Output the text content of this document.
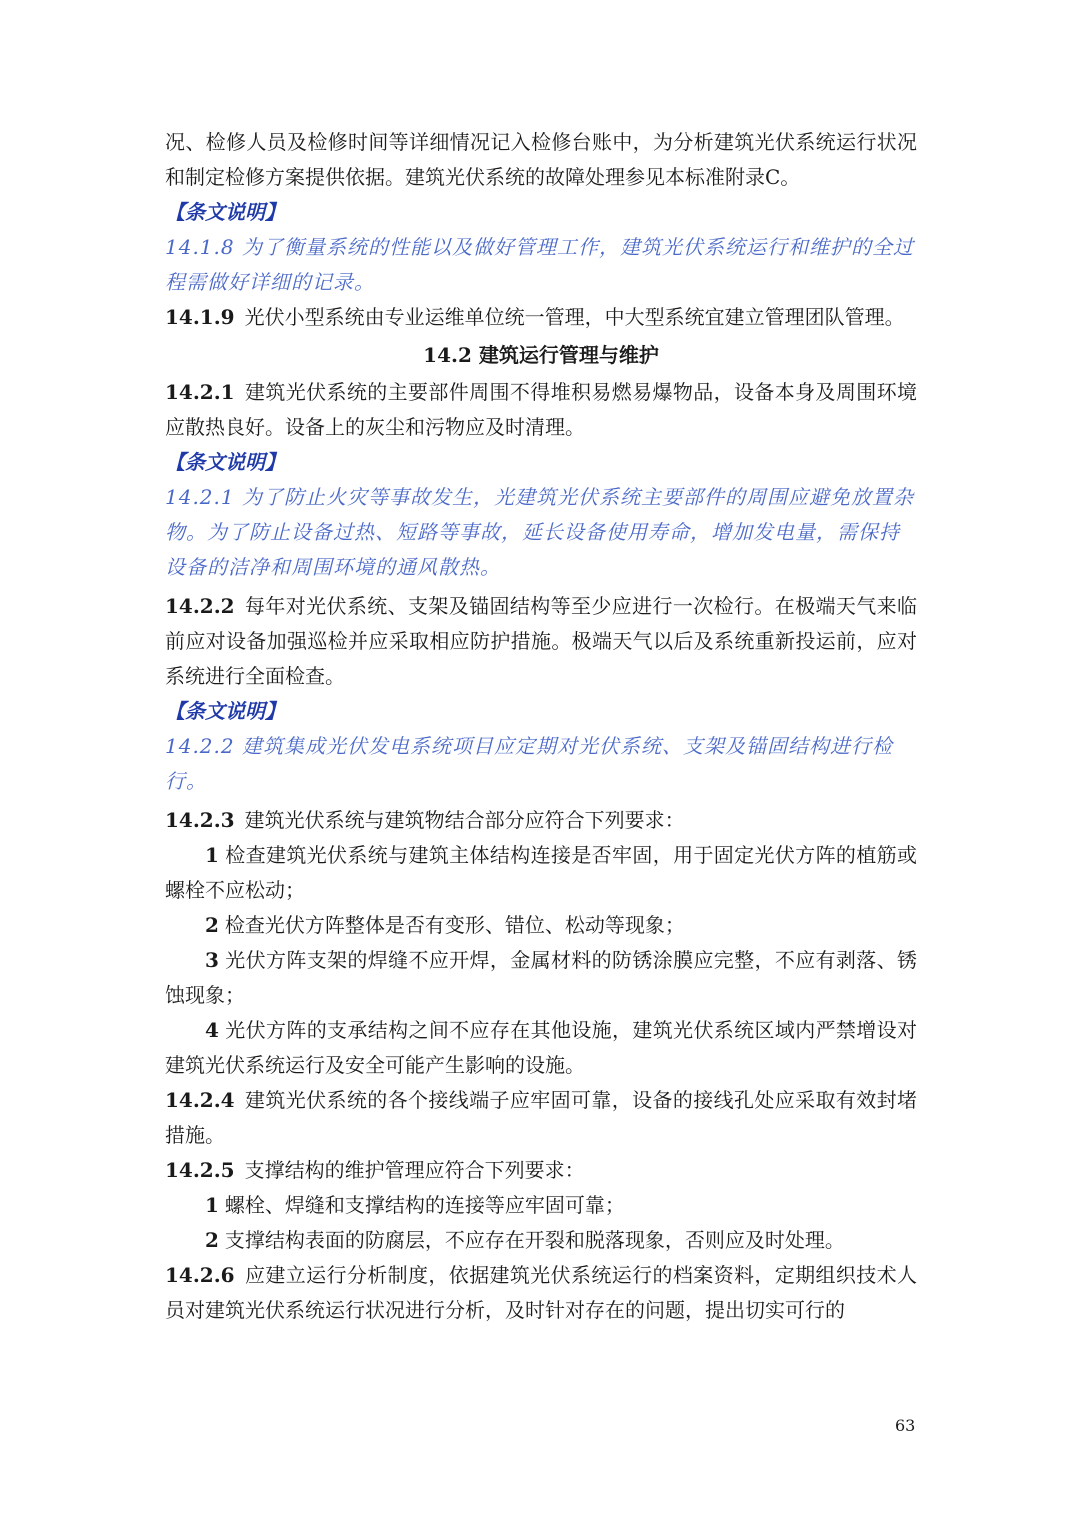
况、检修人员及检修时间等详细情况记入检修台账中，为分析建筑光伏系统运行状况和制定检修方案提供依据。建筑光伏系统的故障处理参见本标准附录C。

【条文说明】
14.1.8 为了衡量系统的性能以及做好管理工作，建筑光伏系统运行和维护的全过程需做好详细的记录。

14.1.9 光伏小型系统由专业运维单位统一管理，中大型系统宜建立管理团队管理。

14.2 建筑运行管理与维护

14.2.1 建筑光伏系统的主要部件周围不得堆积易燃易爆物品，设备本身及周围环境应散热良好。设备上的灰尘和污物应及时清理。

【条文说明】
14.2.1 为了防止火灾等事故发生，光建筑光伏系统主要部件的周围应避免放置杂物。为了防止设备过热、短路等事故，延长设备使用寿命，增加发电量，需保持设备的洁净和周围环境的通风散热。

14.2.2 每年对光伏系统、支架及锚固结构等至少应进行一次检行。在极端天气来临前应对设备加强巡检并应采取相应防护措施。极端天气以后及系统重新投运前，应对系统进行全面检查。

【条文说明】
14.2.2 建筑集成光伏发电系统项目应定期对光伏系统、支架及锚固结构进行检行。

14.2.3 建筑光伏系统与建筑物结合部分应符合下列要求：

1 检查建筑光伏系统与建筑主体结构连接是否牢固，用于固定光伏方阵的植筋或螺栓不应松动；

2 检查光伏方阵整体是否有变形、错位、松动等现象；

3 光伏方阵支架的焊缝不应开焊，金属材料的防锈涂膜应完整，不应有剥落、锈蚀现象；

4 光伏方阵的支承结构之间不应存在其他设施，建筑光伏系统区域内严禁增设对建筑光伏系统运行及安全可能产生影响的设施。

14.2.4 建筑光伏系统的各个接线端子应牢固可靠，设备的接线孔处应采取有效封堵措施。

14.2.5 支撑结构的维护管理应符合下列要求：

1 螺栓、焊缝和支撑结构的连接等应牢固可靠；

2 支撑结构表面的防腐层，不应存在开裂和脱落现象，否则应及时处理。

14.2.6 应建立运行分析制度，依据建筑光伏系统运行的档案资料，定期组织技术人员对建筑光伏系统运行状况进行分析，及时针对存在的问题，提出切实可行的

63
